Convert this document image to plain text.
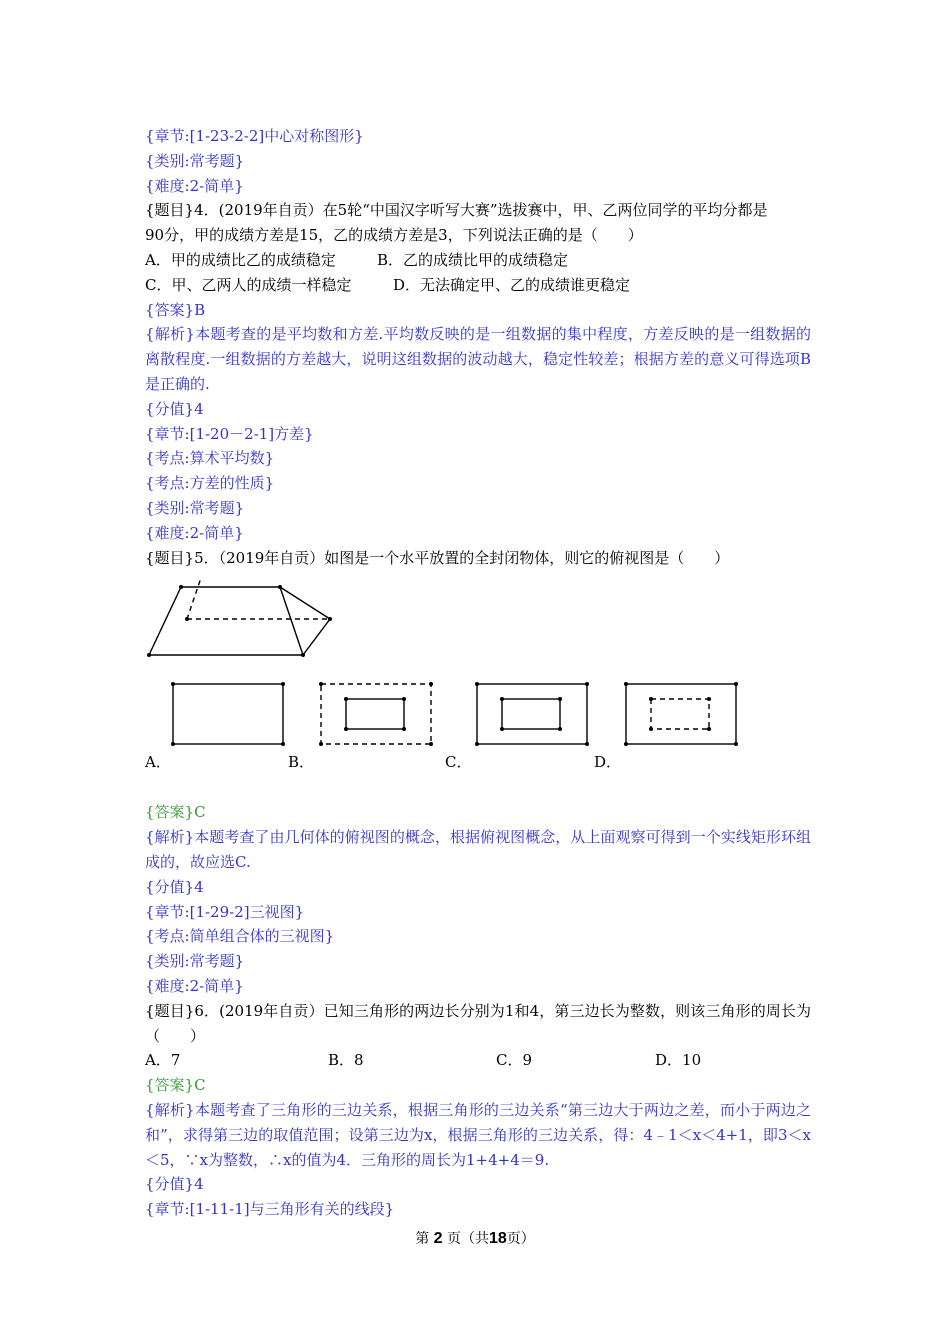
{章节:[1-23-2-2]中心对称图形}
{类别:常考题}
{难度:2-简单}
{题目}4．(2019年自贡）在5轮“中国汉字听写大赛”选拔赛中，甲、乙两位同学的平均分都是
90分，甲的成绩方差是15，乙的成绩方差是3，下列说法正确的是（　　）
A．甲的成绩比乙的成绩稳定	B．乙的成绩比甲的成绩稳定
C．甲、乙两人的成绩一样稳定	D．无法确定甲、乙的成绩谁更稳定
{答案}B
{解析}本题考查的是平均数和方差.平均数反映的是一组数据的集中程度，方差反映的是一组数据的离散程度.一组数据的方差越大，说明这组数据的波动越大，稳定性较差；根据方差的意义可得选项B是正确的.
{分值}4
{章节:[1-20－2-1]方差}
{考点:算术平均数}
{考点:方差的性质}
{类别:常考题}
{难度:2-简单}
{题目}5．（2019年自贡）如图是一个水平放置的全封闭物体，则它的俯视图是（　　）
A．	B．	C．	D．
{答案}C
{解析}本题考查了由几何体的俯视图的概念，根据俯视图概念，从上面观察可得到一个实线矩形环组成的，故应选C.
{分值}4
{章节:[1-29-2]三视图}
{考点:简单组合体的三视图}
{类别:常考题}
{难度:2-简单}
{题目}6．(2019年自贡）已知三角形的两边长分别为1和4，第三边长为整数，则该三角形的周长为（　　）
A．7	B．8	C．9	D．10
{答案}C
{解析}本题考查了三角形的三边关系，根据三角形的三边关系“第三边大于两边之差，而小于两边之和”，求得第三边的取值范围；设第三边为x，根据三角形的三边关系，得：4﹣1＜x＜4+1，即3＜x＜5，∵x为整数，∴x的值为4．三角形的周长为1+4+4＝9.
{分值}4
{章节:[1-11-1]与三角形有关的线段}
第 2 页（共18页）
